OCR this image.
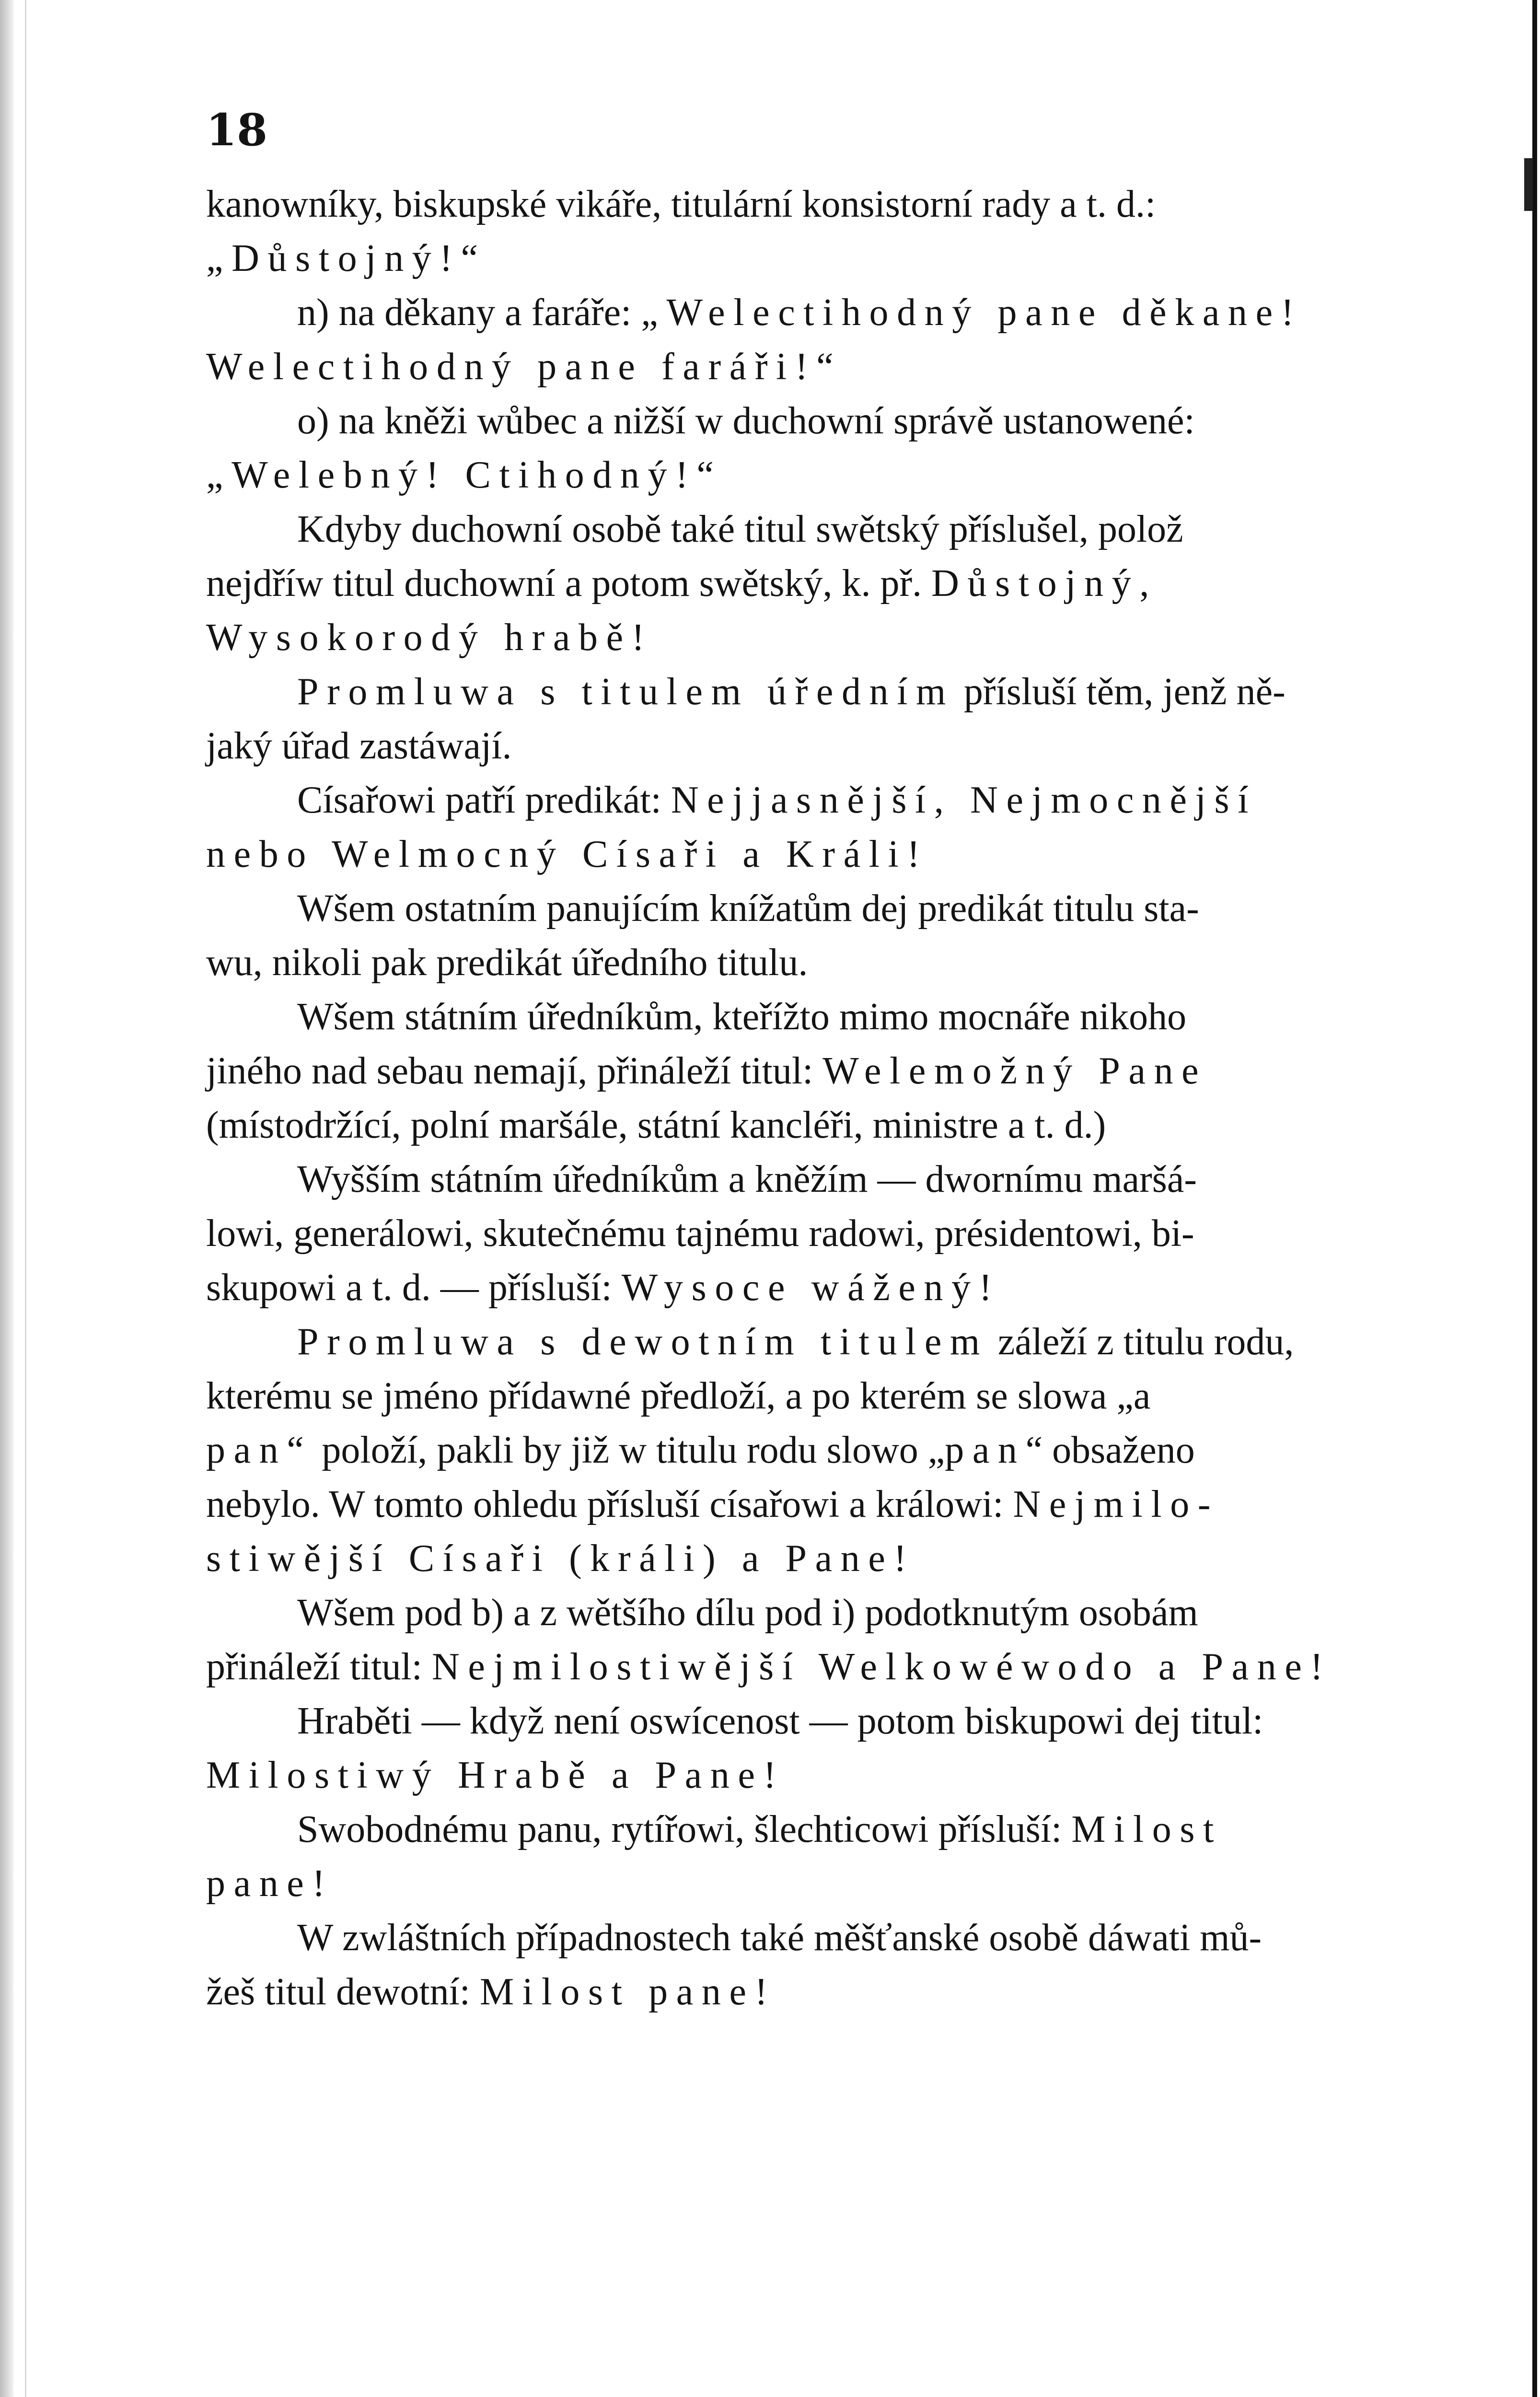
18
kanowníky, biskupské vikáře, titulární konsistorní rady a t. d.:
„Důstojný!“
n) na děkany a faráře: „Welectihodný pane děkane!
Welectihodný pane faráři!“
o) na kněži wůbec a nižší w duchowní správě ustanowené:
„Welebný! Ctihodný!“
Kdyby duchowní osobě také titul swětský příslušel, polož
nejdříw titul duchowní a potom swětský, k. př. Důstojný,
Wysokorodý hrabě!
Promluwa s titulem úředním přísluší těm, jenž ně-
jaký úřad zastáwají.
Císařowi patří predikát: Nejjasnější, Nejmocnější
nebo Welmocný Císaři a Králi!
Wšem ostatním panujícím knížatům dej predikát titulu sta-
wu, nikoli pak predikát úředního titulu.
Wšem státním úředníkům, kteřížto mimo mocnáře nikoho
jiného nad sebau nemají, přináleží titul: Welemožný Pane
(místodržící, polní maršále, státní kancléři, ministre a t. d.)
Wyšším státním úředníkům a kněžím — dwornímu maršá-
lowi, generálowi, skutečnému tajnému radowi, présidentowi, bi-
skupowi a t. d. — přísluší: Wysoce wážený!
Promluwa s dewotním titulem záleží z titulu rodu,
kterému se jméno přídawné předloží, a po kterém se slowa „a
pan“ položí, pakli by již w titulu rodu slowo „pan“ obsaženo
nebylo. W tomto ohledu přísluší císařowi a králowi: Nejmilo-
stiwější Císaři (králi) a Pane!
Wšem pod b) a z wětšího dílu pod i) podotknutým osobám
přináleží titul: Nejmilostiwější Welkowéwodo a Pane!
Hraběti — když není oswícenost — potom biskupowi dej titul:
Milostiwý Hrabě a Pane!
Swobodnému panu, rytířowi, šlechticowi přísluší: Milost
pane!
W zwláštních případnostech také měšťanské osobě dáwati mů-
žeš titul dewotní: Milost pane!
